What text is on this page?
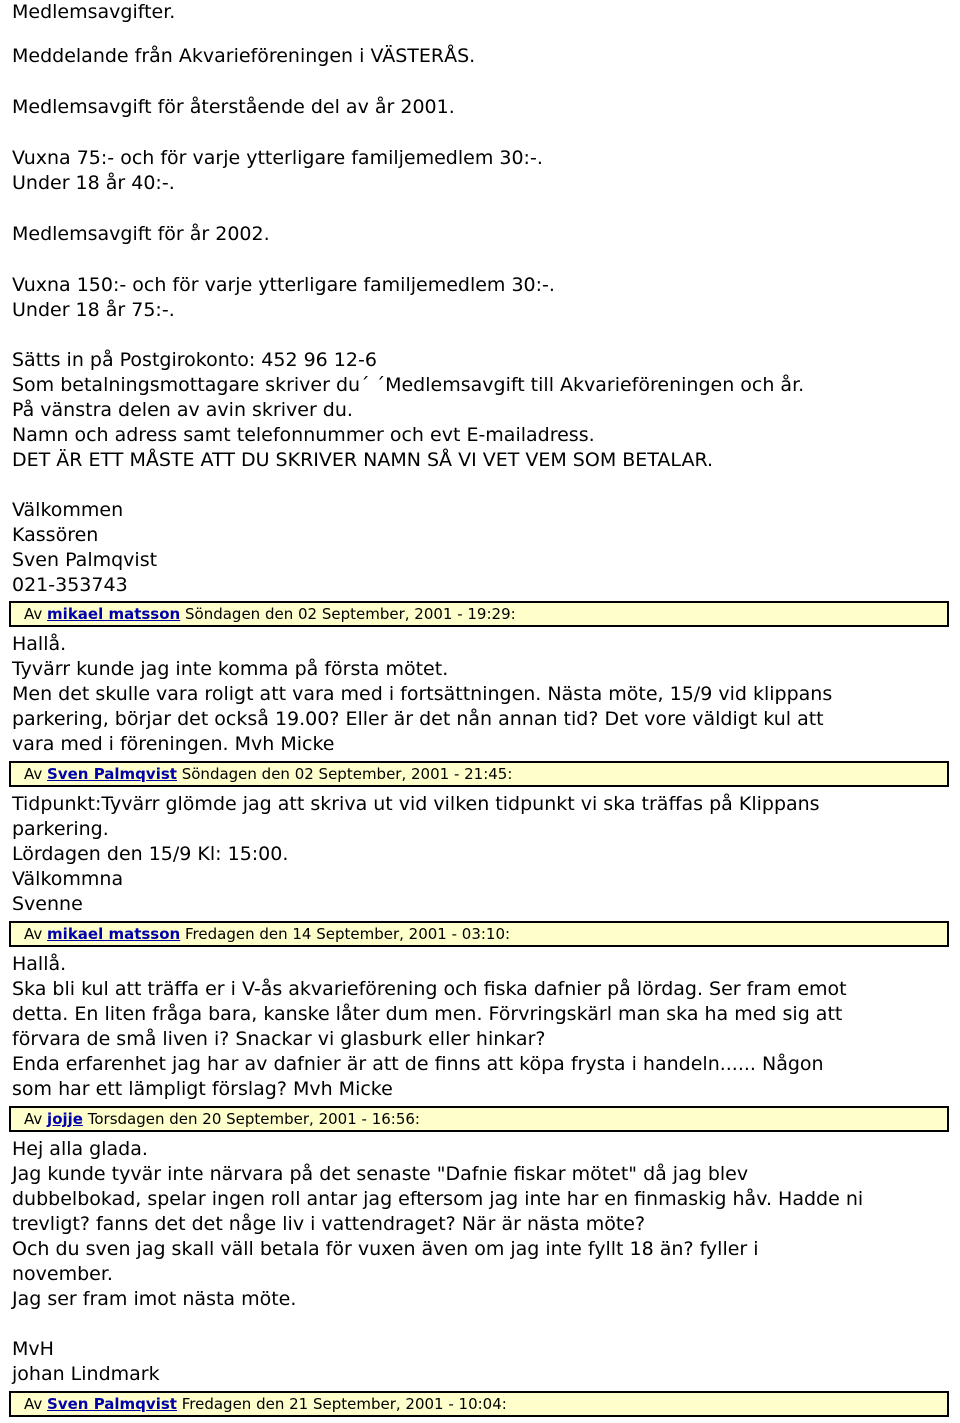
Medlemsavgifter.
Meddelande från Akvarieföreningen i VÄSTERÅS.
Medlemsavgift för återstående del av år 2001.
Vuxna 75:- och för varje ytterligare familjemedlem 30:-.
Under 18 år 40:-.
Medlemsavgift för år 2002.
Vuxna 150:- och för varje ytterligare familjemedlem 30:-.
Under 18 år 75:-.
Sätts in på Postgirokonto: 452 96 12-6
Som betalningsmottagare skriver du´ ´Medlemsavgift till Akvarieföreningen och år.
På vänstra delen av avin skriver du.
Namn och adress samt telefonnummer och evt E-mailadress.
DET ÄR ETT MÅSTE ATT DU SKRIVER NAMN SÅ VI VET VEM SOM BETALAR.
Välkommen
Kassören
Sven Palmqvist
021-353743
Av mikael matsson Söndagen den 02 September, 2001 - 19:29:
Hallå.
Tyvärr kunde jag inte komma på första mötet.
Men det skulle vara roligt att vara med i fortsättningen. Nästa möte, 15/9 vid klippans
parkering, börjar det också 19.00? Eller är det nån annan tid? Det vore väldigt kul att
vara med i föreningen. Mvh Micke
Av Sven Palmqvist Söndagen den 02 September, 2001 - 21:45:
Tidpunkt:Tyvärr glömde jag att skriva ut vid vilken tidpunkt vi ska träffas på Klippans
parkering.
Lördagen den 15/9 Kl: 15:00.
Välkommna
Svenne
Av mikael matsson Fredagen den 14 September, 2001 - 03:10:
Hallå.
Ska bli kul att träffa er i V-ås akvarieförening och fiska dafnier på lördag. Ser fram emot
detta. En liten fråga bara, kanske låter dum men. Förvringskärl man ska ha med sig att
förvara de små liven i? Snackar vi glasburk eller hinkar?
Enda erfarenhet jag har av dafnier är att de finns att köpa frysta i handeln...... Någon
som har ett lämpligt förslag? Mvh Micke
Av jojje Torsdagen den 20 September, 2001 - 16:56:
Hej alla glada.
Jag kunde tyvär inte närvara på det senaste "Dafnie fiskar mötet" då jag blev
dubbelbokad, spelar ingen roll antar jag eftersom jag inte har en finmaskig håv. Hadde ni
trevligt? fanns det det någe liv i vattendraget? När är nästa möte?
Och du sven jag skall väll betala för vuxen även om jag inte fyllt 18 än? fyller i
november.
Jag ser fram imot nästa möte.
MvH
johan Lindmark
Av Sven Palmqvist Fredagen den 21 September, 2001 - 10:04:
